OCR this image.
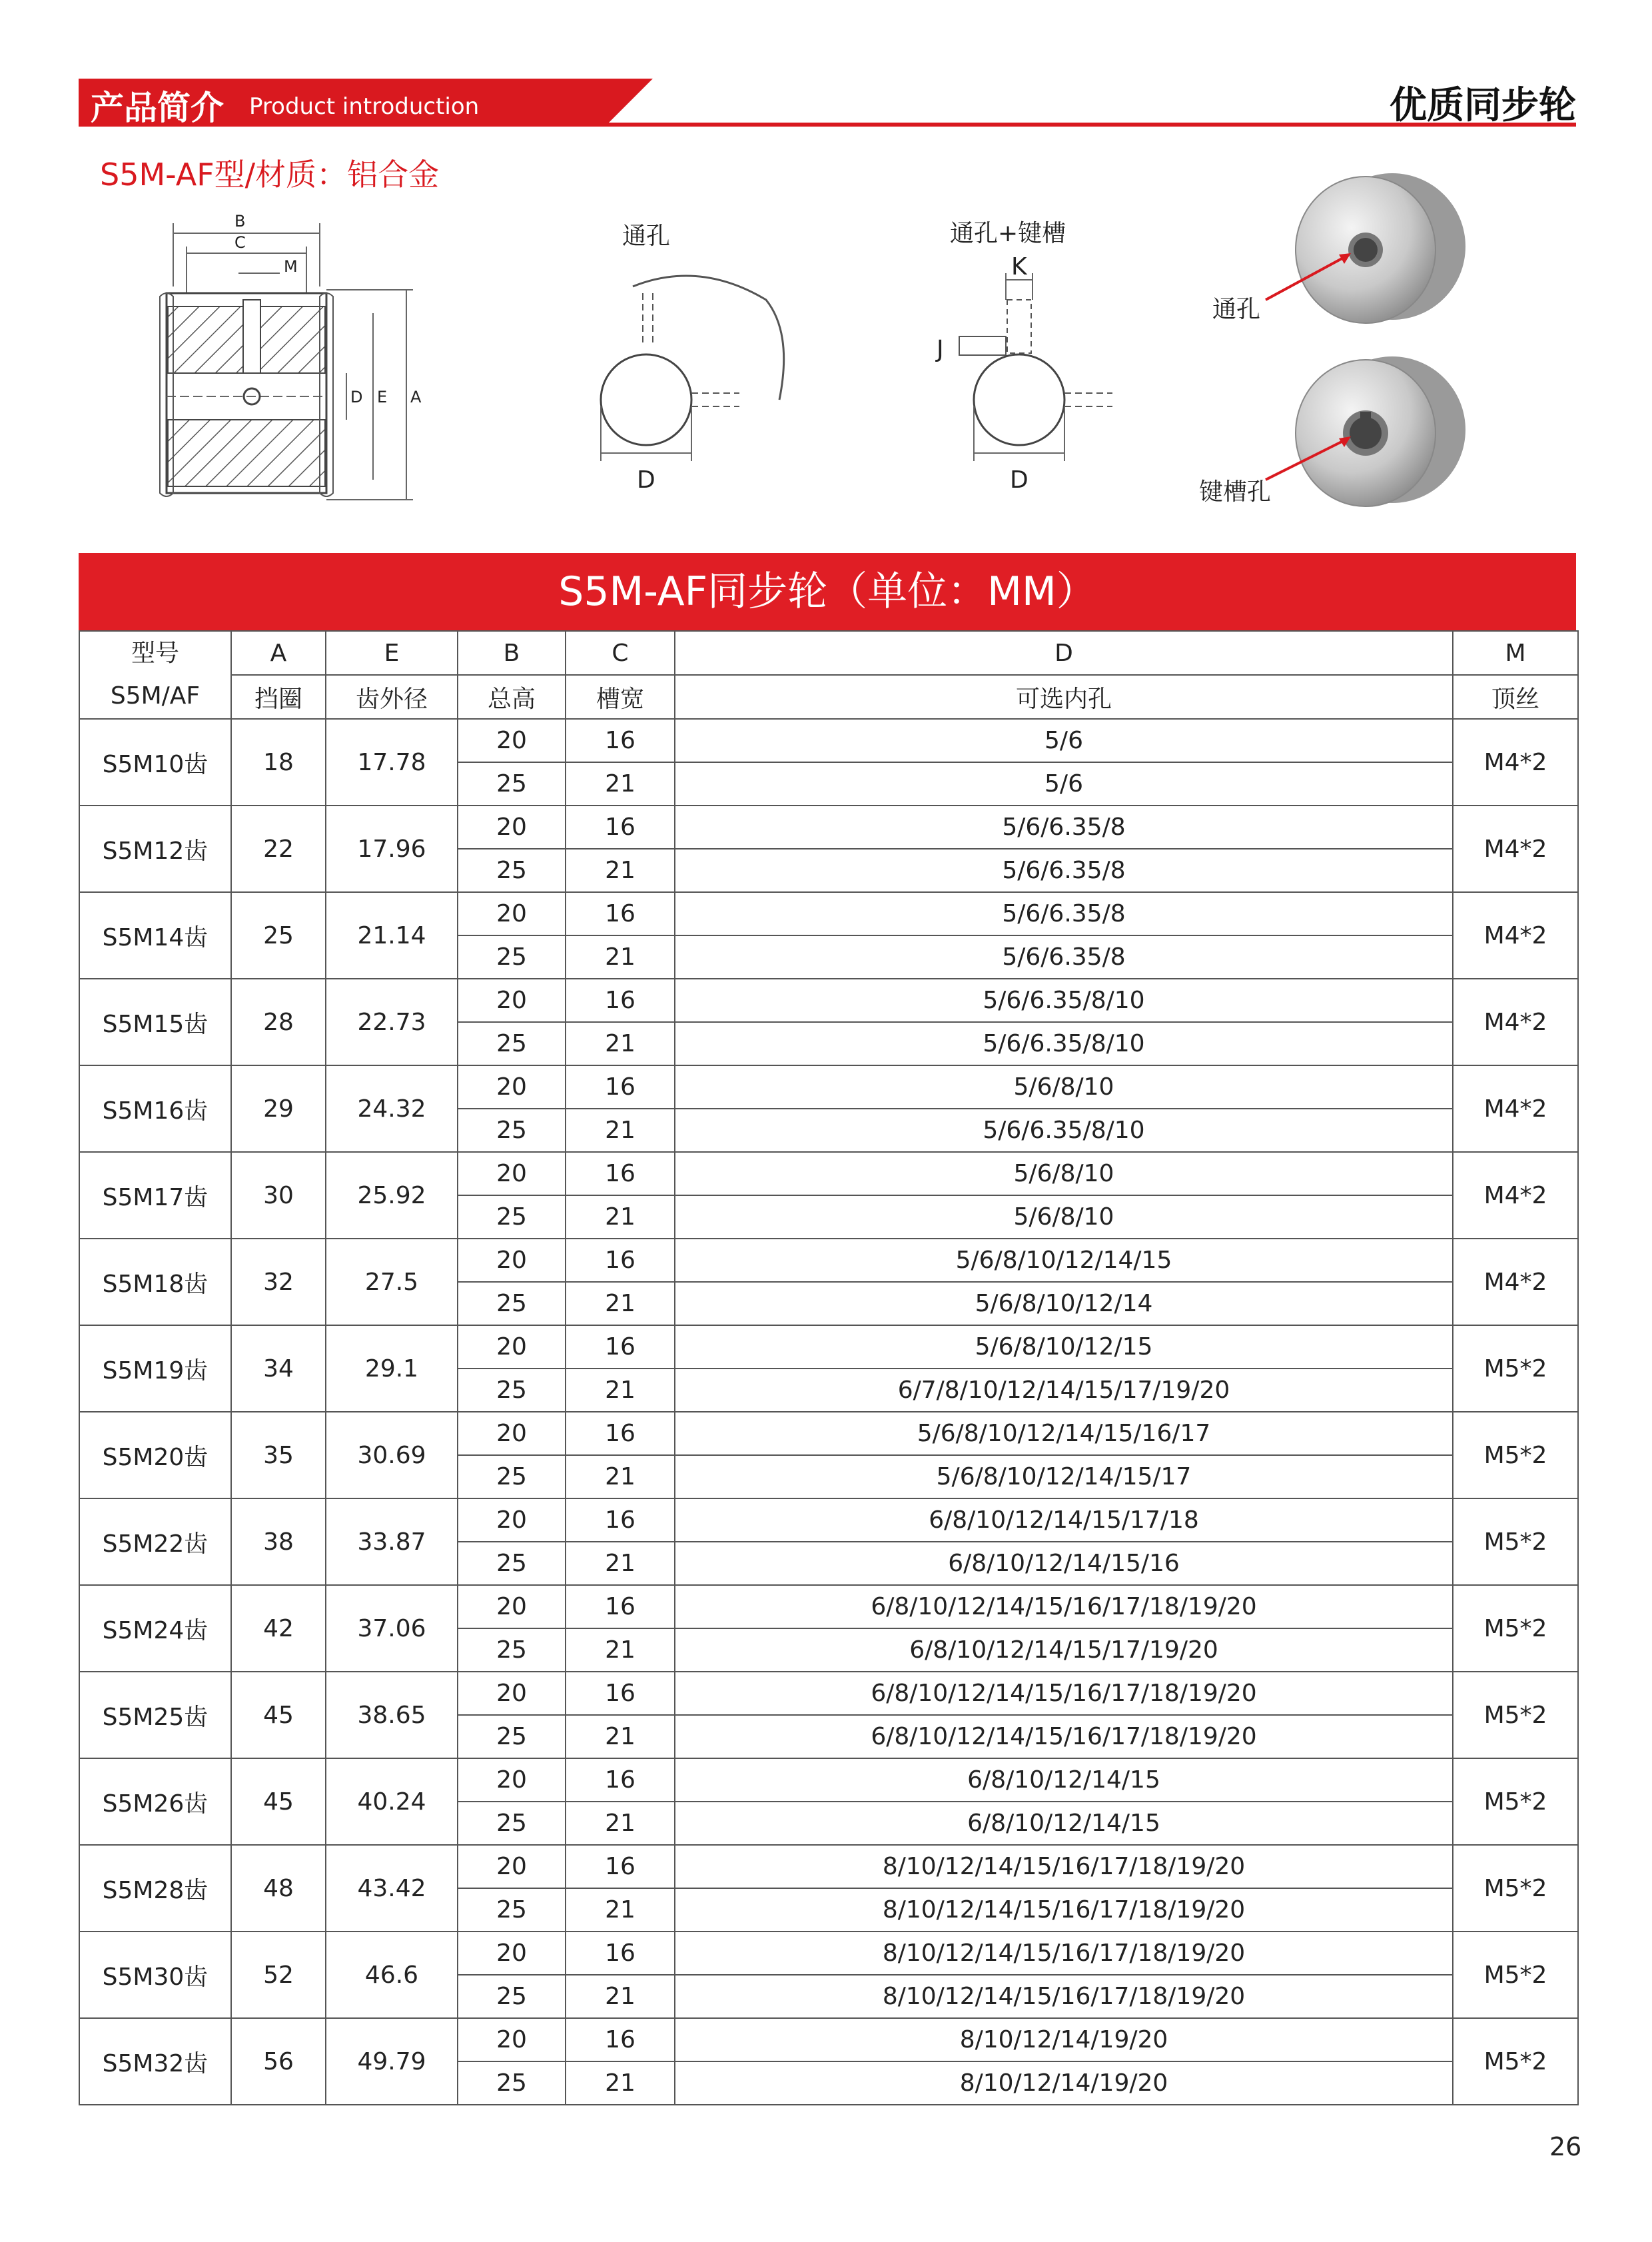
产品简介 Product introduction	优质同步轮
S5M-AF型/材质：铝合金
B
C
M
D E A
通孔
D
通孔+键槽
K
J
D
通孔
键槽孔
S5M-AF同步轮（单位：MM）
型号
S5M/AF	A	E	B	C	D	M
	挡圈	齿外径	总高	槽宽	可选内孔	顶丝
S5M10齿	18	17.78	20	16	5/6	M4*2
			25	21	5/6	
S5M12齿	22	17.96	20	16	5/6/6.35/8	M4*2
			25	21	5/6/6.35/8	
S5M14齿	25	21.14	20	16	5/6/6.35/8	M4*2
			25	21	5/6/6.35/8	
S5M15齿	28	22.73	20	16	5/6/6.35/8/10	M4*2
			25	21	5/6/6.35/8/10	
S5M16齿	29	24.32	20	16	5/6/8/10	M4*2
			25	21	5/6/6.35/8/10	
S5M17齿	30	25.92	20	16	5/6/8/10	M4*2
			25	21	5/6/8/10	
S5M18齿	32	27.5	20	16	5/6/8/10/12/14/15	M4*2
			25	21	5/6/8/10/12/14	
S5M19齿	34	29.1	20	16	5/6/8/10/12/15	M5*2
			25	21	6/7/8/10/12/14/15/17/19/20	
S5M20齿	35	30.69	20	16	5/6/8/10/12/14/15/16/17	M5*2
			25	21	5/6/8/10/12/14/15/17	
S5M22齿	38	33.87	20	16	6/8/10/12/14/15/17/18	M5*2
			25	21	6/8/10/12/14/15/16	
S5M24齿	42	37.06	20	16	6/8/10/12/14/15/16/17/18/19/20	M5*2
			25	21	6/8/10/12/14/15/17/19/20	
S5M25齿	45	38.65	20	16	6/8/10/12/14/15/16/17/18/19/20	M5*2
			25	21	6/8/10/12/14/15/16/17/18/19/20	
S5M26齿	45	40.24	20	16	6/8/10/12/14/15	M5*2
			25	21	6/8/10/12/14/15	
S5M28齿	48	43.42	20	16	8/10/12/14/15/16/17/18/19/20	M5*2
			25	21	8/10/12/14/15/16/17/18/19/20	
S5M30齿	52	46.6	20	16	8/10/12/14/15/16/17/18/19/20	M5*2
			25	21	8/10/12/14/15/16/17/18/19/20	
S5M32齿	56	49.79	20	16	8/10/12/14/19/20	M5*2
			25	21	8/10/12/14/19/20	
26
